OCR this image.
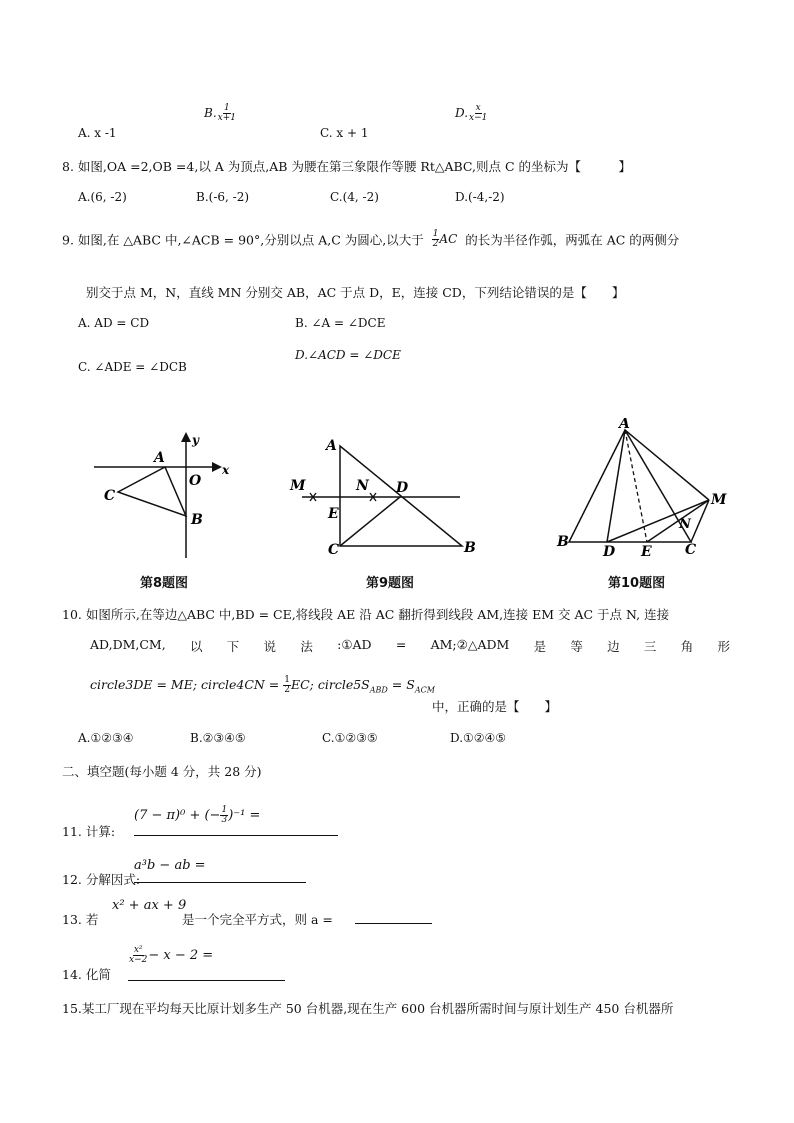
A. x -1
B. $\frac{1}{x+1}$
C. x + 1
D. $\frac{x}{x-1}$
8. 如图,OA =2,OB =4,以 A 为顶点,AB 为腰在第三象限作等腰 Rt△ABC,则点 C 的坐标为【　　　】
A.(6, -2)	B.(-6, -2)	C.(4, -2)	D.(-4,-2)
9. 如图,在 △ABC 中,∠ACB = 90°,分别以点 A,C 为圆心,以大于 $\frac{1}{2}$ AC 的长为半径作弧，两弧在 AC 的两侧分
别交于点 M，N，直线 MN 分别交 AB，AC 于点 D，E，连接 CD，下列结论错误的是【　　】
A. AD = CD	B. ∠A = ∠DCE
C. ∠ADE = ∠DCB
D.∠ACD = ∠DCE
A
C
O
B
x
y
第8题图
A
M	N D
E
C	B
第9题图
A
M
N
B
D E C
第10题图
10. 如图所示,在等边△ABC 中,BD = CE,将线段 AE 沿 AC 翻折得到线段 AM,连接 EM 交 AC 于点 N, 连接
AD,DM,CM, 以 下 说 法 :①AD = AM;②△ADM 是 等 边 三 角 形
circle3DE = ME; circle4CN = $\frac{1}{2}$ EC; $circle5S_{ABD} = S_{ACM}$
中，正确的是【　　】
A.①②③④	B.②③④⑤	C.①②③⑤	D.①②④⑤
二、填空题(每小题 4 分，共 28 分)
11. 计算:
(7 − π)⁰ + (− $\frac{1}{3} )^{-1}$ =
12. 分解因式:
a³b − ab =
13. 若
x² + ax + 9
是一个完全平方式，则 a =
14. 化简
$\frac{\text{x²}}{x-2} - x - 2$ =
15.某工厂现在平均每天比原计划多生产 50 台机器,现在生产 600 台机器所需时间与原计划生产 450 台机器所
